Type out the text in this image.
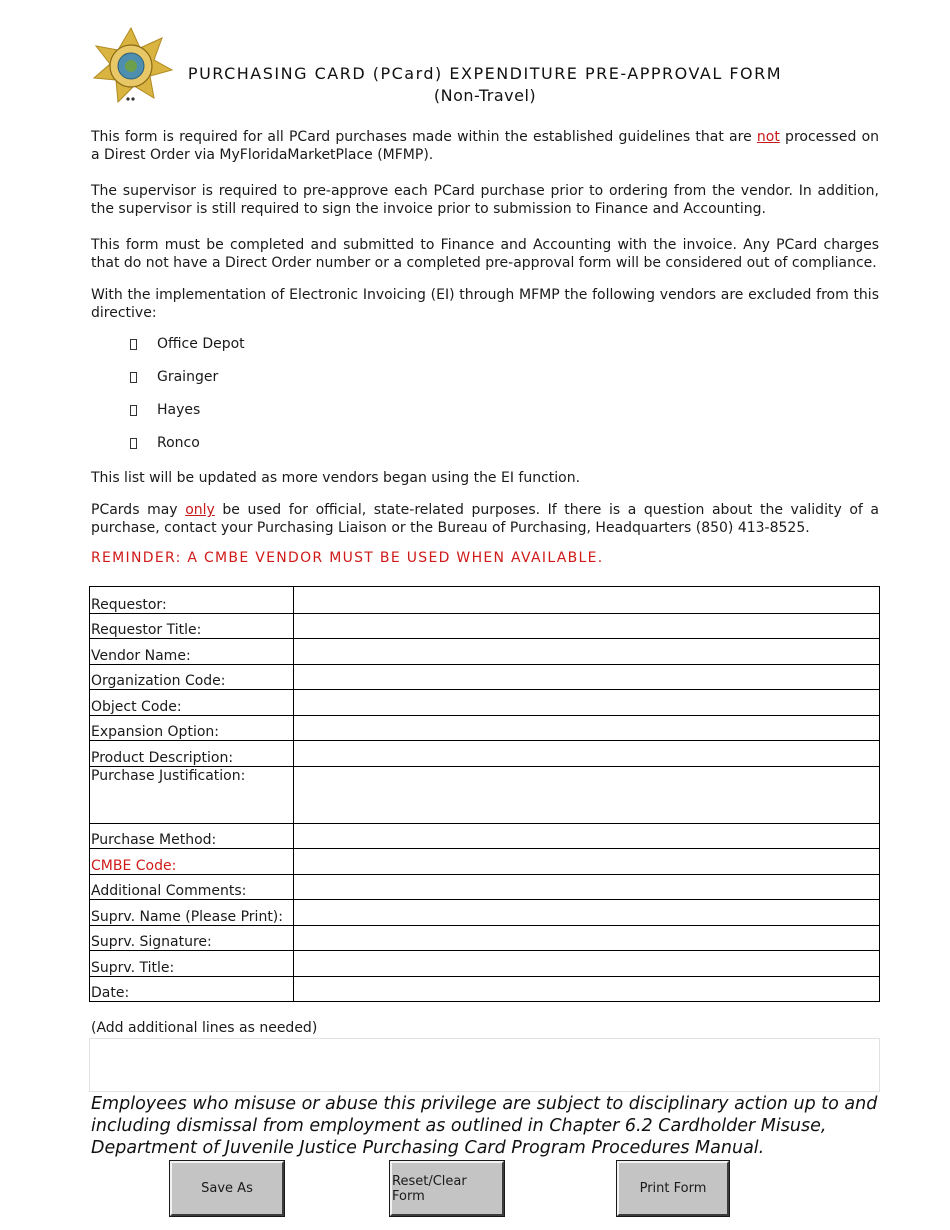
PURCHASING CARD (PCard) EXPENDITURE PRE-APPROVAL FORM
(Non-Travel)

This form is required for all PCard purchases made within the established guidelines that are not processed on a Direst Order via MyFloridaMarketPlace (MFMP).

The supervisor is required to pre-approve each PCard purchase prior to ordering from the vendor. In addition, the supervisor is still required to sign the invoice prior to submission to Finance and Accounting.

This form must be completed and submitted to Finance and Accounting with the invoice. Any PCard charges that do not have a Direct Order number or a completed pre-approval form will be considered out of compliance.

With the implementation of Electronic Invoicing (EI) through MFMP the following vendors are excluded from this directive:

Office Depot
Grainger
Hayes
Ronco

This list will be updated as more vendors began using the EI function.

PCards may only be used for official, state-related purposes. If there is a question about the validity of a purchase, contact your Purchasing Liaison or the Bureau of Purchasing, Headquarters (850) 413-8525.

REMINDER: A CMBE VENDOR MUST BE USED WHEN AVAILABLE.
Requestor:	
Requestor Title:	
Vendor Name:	
Organization Code:	
Object Code:	
Expansion Option:	
Product Description:	
Purchase Justification:	
Purchase Method:	
CMBE Code:	
Additional Comments:	
Suprv. Name (Please Print):	
Suprv. Signature:	
Suprv. Title:	
Date:	
(Add additional lines as needed)

Employees who misuse or abuse this privilege are subject to disciplinary action up to and including dismissal from employment as outlined in Chapter 6.2 Cardholder Misuse, Department of Juvenile Justice Purchasing Card Program Procedures Manual.

Save As	Reset/Clear Form	Print Form
